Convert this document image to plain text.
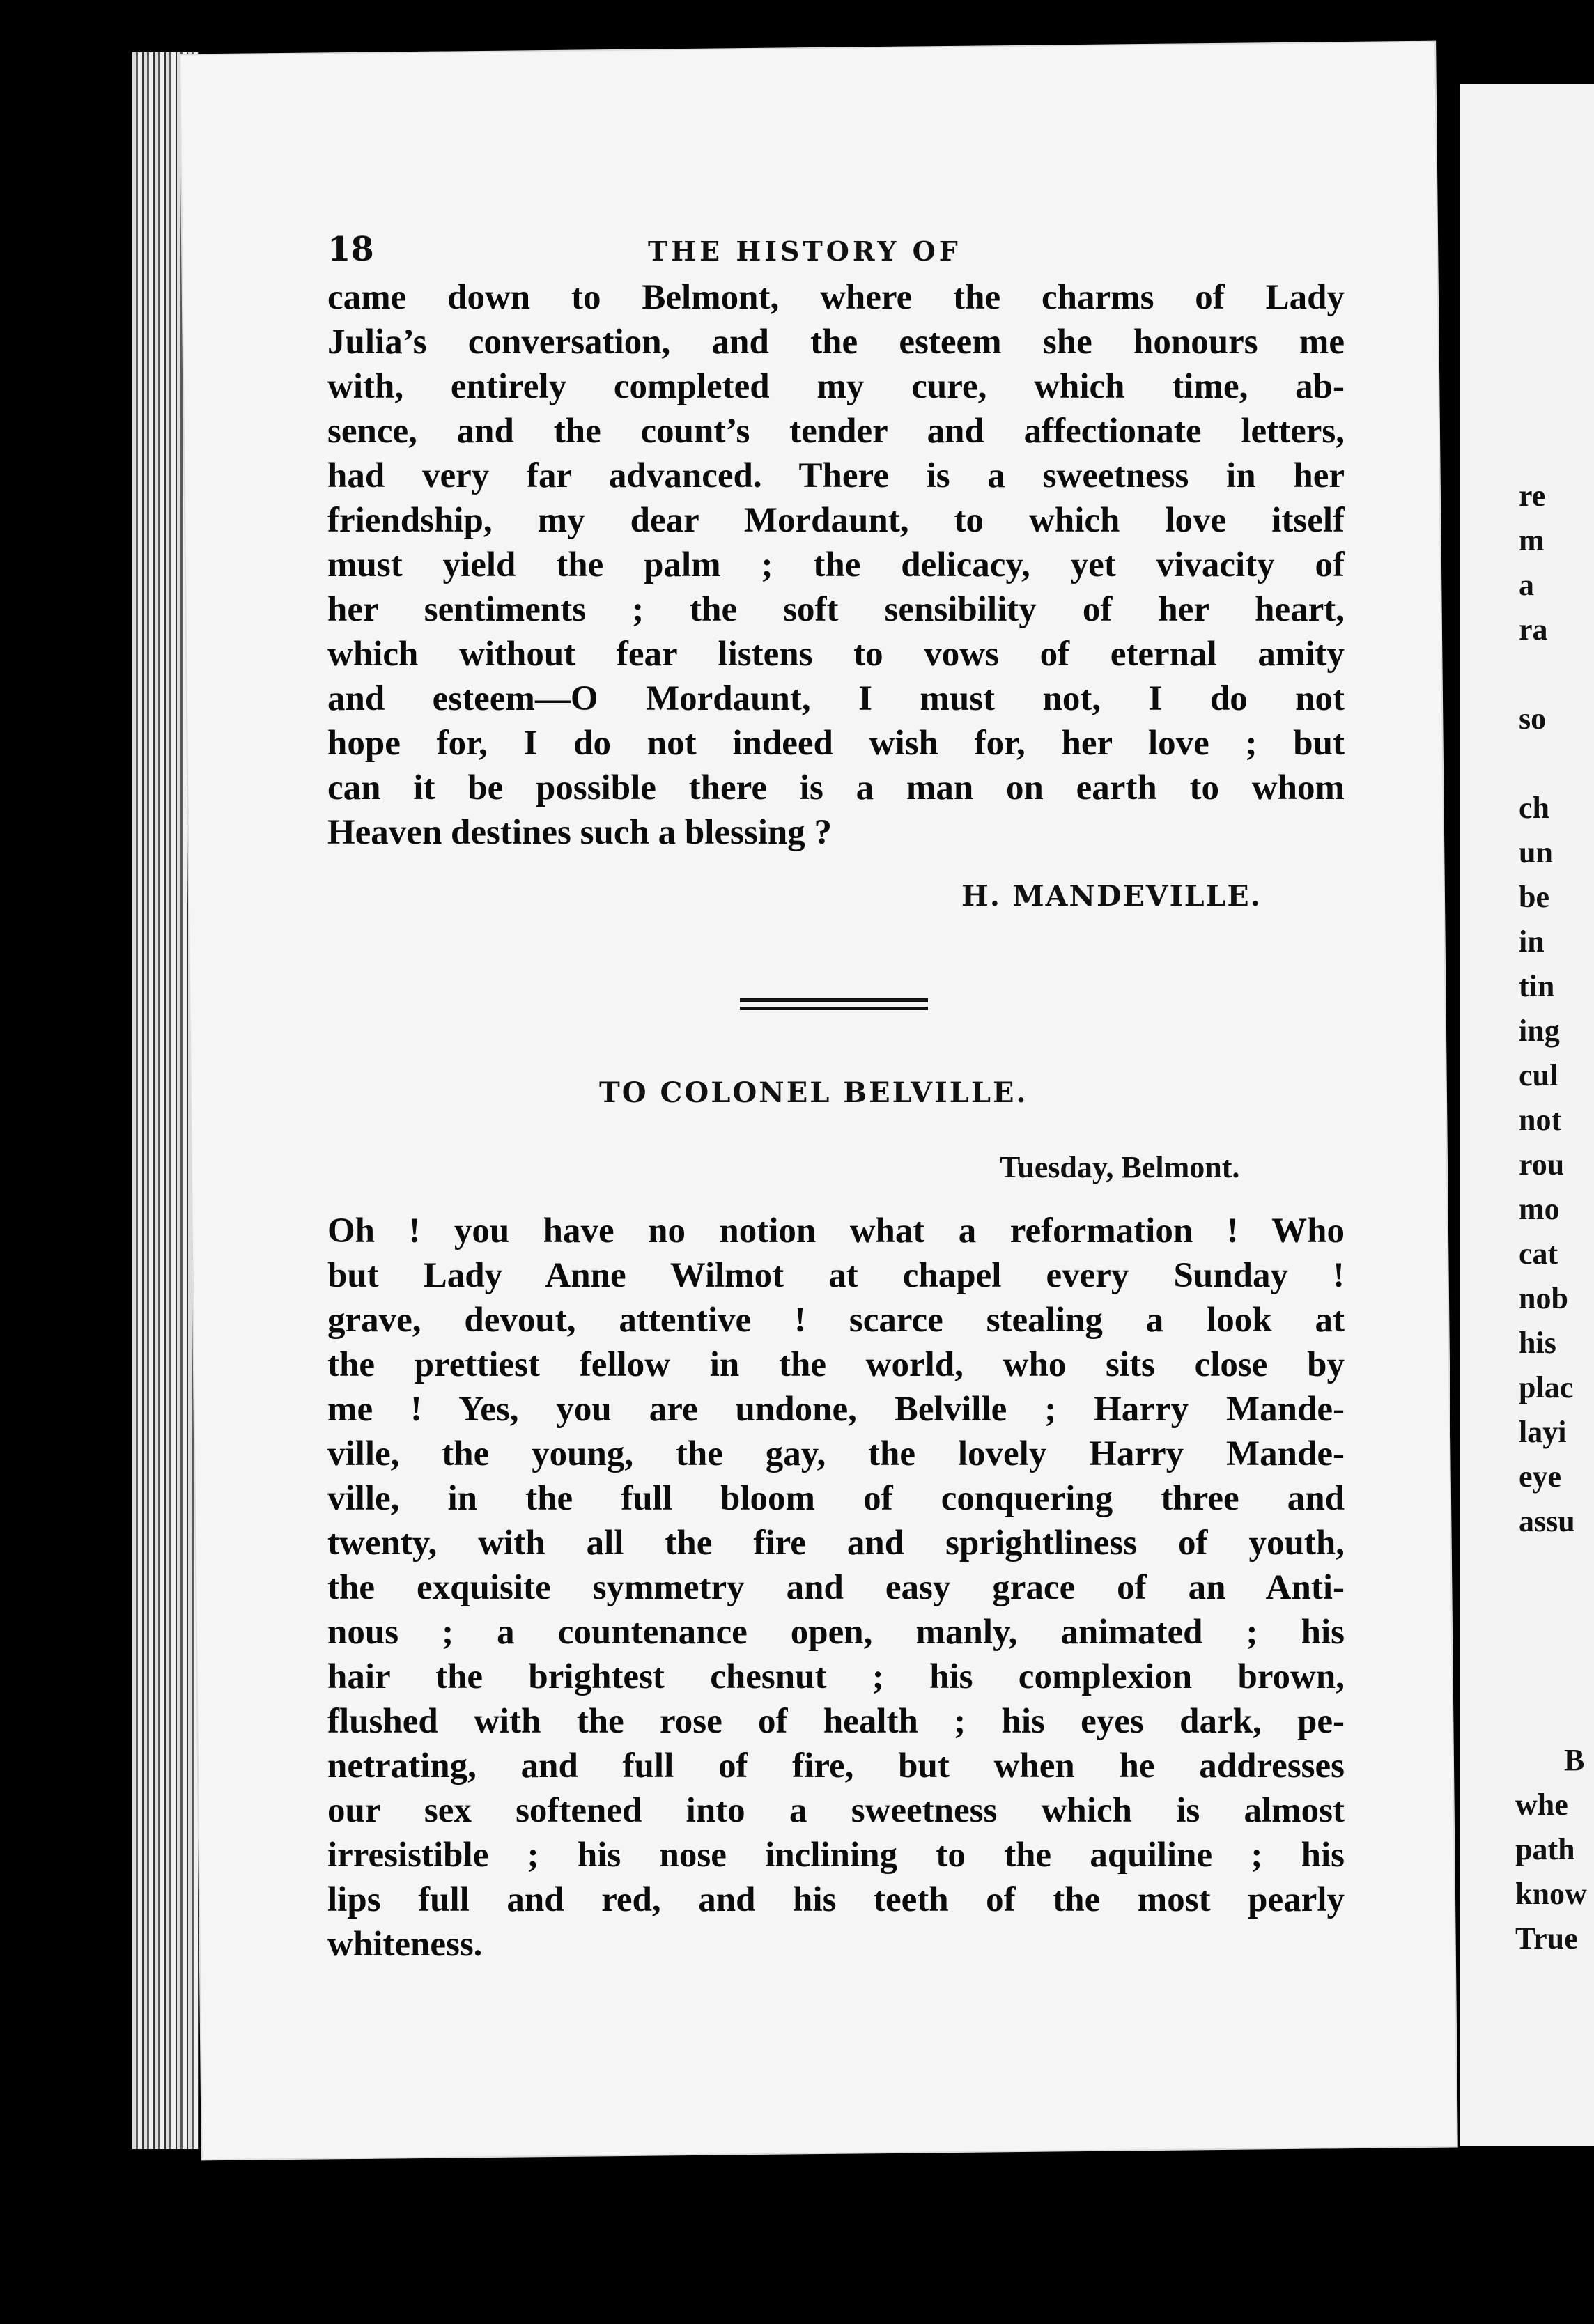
18	THE HISTORY OF
came down to Belmont, where the charms of Lady
Julia’s conversation, and the esteem she honours me
with, entirely completed my cure, which time, ab-
sence, and the count’s tender and affectionate letters,
had very far advanced. There is a sweetness in her
friendship, my dear Mordaunt, to which love itself
must yield the palm ; the delicacy, yet vivacity of
her sentiments ; the soft sensibility of her heart,
which without fear listens to vows of eternal amity
and esteem—O Mordaunt, I must not, I do not
hope for, I do not indeed wish for, her love ; but
can it be possible there is a man on earth to whom
Heaven destines such a blessing ?
H. MANDEVILLE.
TO COLONEL BELVILLE.
Tuesday, Belmont.
Oh ! you have no notion what a reformation ! Who
but Lady Anne Wilmot at chapel every Sunday !
grave, devout, attentive ! scarce stealing a look at
the prettiest fellow in the world, who sits close by
me ! Yes, you are undone, Belville ; Harry Mande-
ville, the young, the gay, the lovely Harry Mande-
ville, in the full bloom of conquering three and
twenty, with all the fire and sprightliness of youth,
the exquisite symmetry and easy grace of an Anti-
nous ; a countenance open, manly, animated ; his
hair the brightest chesnut ; his complexion brown,
flushed with the rose of health ; his eyes dark, pe-
netrating, and full of fire, but when he addresses
our sex softened into a sweetness which is almost
irresistible ; his nose inclining to the aquiline ; his
lips full and red, and his teeth of the most pearly
whiteness.
re
m
a
ra
so
ch
un
be
in
tin
ing
cul
not
rou
mo
cat
nob
his
plac
layi
eye
assu
B
whe
path
know
True
